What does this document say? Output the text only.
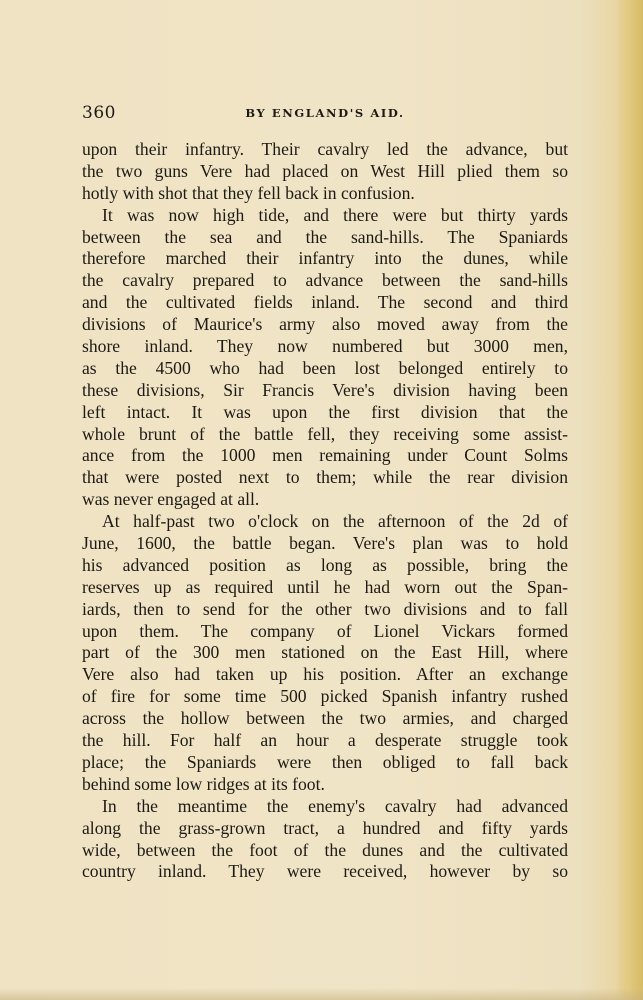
360	BY ENGLAND'S AID.
upon their infantry. Their cavalry led the advance, but
the two guns Vere had placed on West Hill plied them so
hotly with shot that they fell back in confusion.
It was now high tide, and there were but thirty yards
between the sea and the sand-hills. The Spaniards
therefore marched their infantry into the dunes, while
the cavalry prepared to advance between the sand-hills
and the cultivated fields inland. The second and third
divisions of Maurice's army also moved away from the
shore inland. They now numbered but 3000 men,
as the 4500 who had been lost belonged entirely to
these divisions, Sir Francis Vere's division having been
left intact. It was upon the first division that the
whole brunt of the battle fell, they receiving some assist-
ance from the 1000 men remaining under Count Solms
that were posted next to them; while the rear division
was never engaged at all.
At half-past two o'clock on the afternoon of the 2d of
June, 1600, the battle began. Vere's plan was to hold
his advanced position as long as possible, bring the
reserves up as required until he had worn out the Span-
iards, then to send for the other two divisions and to fall
upon them. The company of Lionel Vickars formed
part of the 300 men stationed on the East Hill, where
Vere also had taken up his position. After an exchange
of fire for some time 500 picked Spanish infantry rushed
across the hollow between the two armies, and charged
the hill. For half an hour a desperate struggle took
place; the Spaniards were then obliged to fall back
behind some low ridges at its foot.
In the meantime the enemy's cavalry had advanced
along the grass-grown tract, a hundred and fifty yards
wide, between the foot of the dunes and the cultivated
country inland. They were received, however by so
